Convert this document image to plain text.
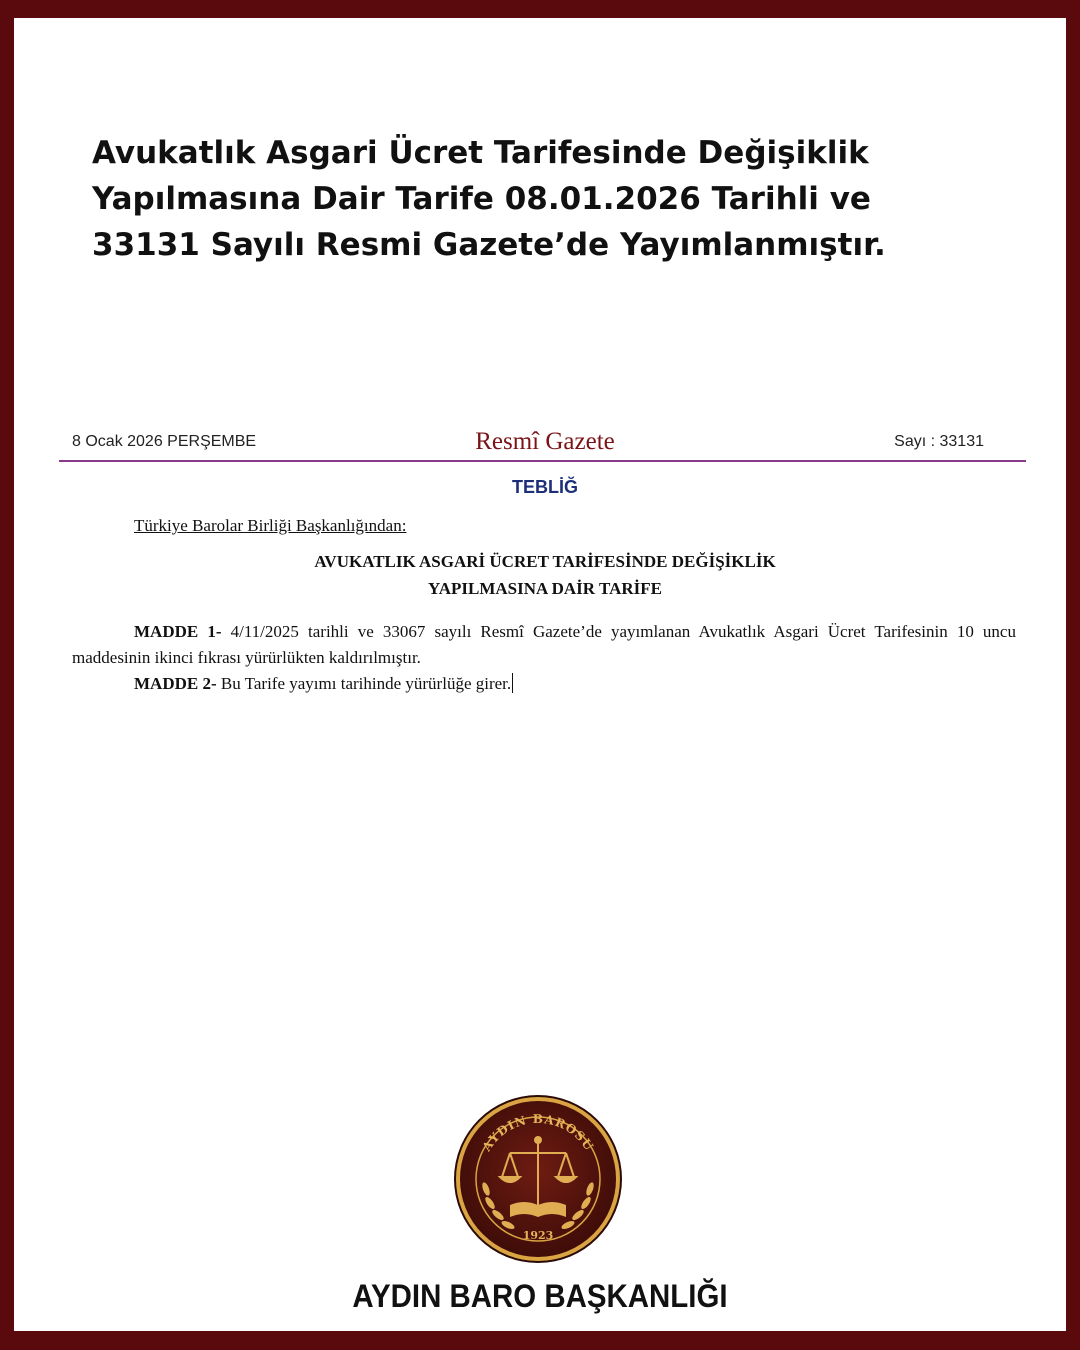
Avukatlık Asgari Ücret Tarifesinde Değişiklik
Yapılmasına Dair Tarife 08.01.2026 Tarihli ve
33131 Sayılı Resmi Gazete’de Yayımlanmıştır.
8 Ocak 2026 PERŞEMBE	Resmî Gazete	Sayı : 33131
TEBLİĞ
Türkiye Barolar Birliği Başkanlığından:
AVUKATLIK ASGARİ ÜCRET TARİFESİNDE DEĞİŞİKLİK
YAPILMASINA DAİR TARİFE
MADDE 1- 4/11/2025 tarihli ve 33067 sayılı Resmî Gazete’de yayımlanan Avukatlık Asgari Ücret Tarifesinin 10 uncu maddesinin ikinci fıkrası yürürlükten kaldırılmıştır.
MADDE 2- Bu Tarife yayımı tarihinde yürürlüğe girer.
AYDIN BAROSU
1923
AYDIN BARO BAŞKANLIĞI
